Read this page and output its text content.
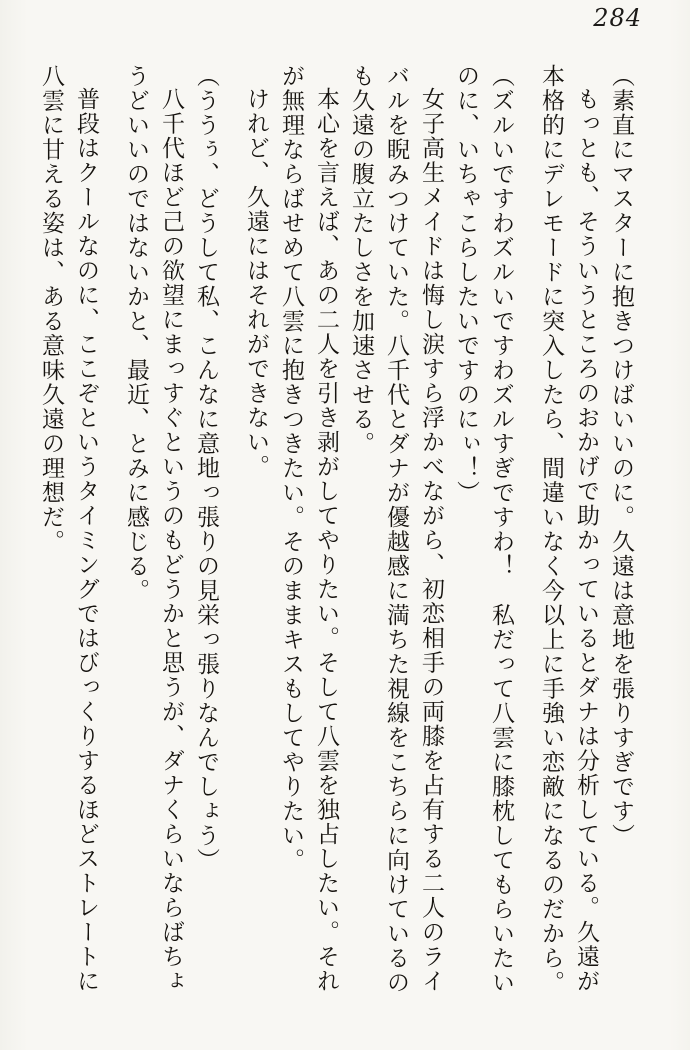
284

（素直にマスターに抱きつけばいいのに。久遠は意地を張りすぎです）

もっとも、そういうところのおかげで助かっているとダナは分析している。久遠が本格的にデレモードに突入したら、間違いなく今以上に手強い恋敵になるのだから。

（ズルいですわズルいですわズルすぎですわ！　私だって八雲に膝枕してもらいたいのに、いちゃこらしたいですのにぃ！）

女子高生メイドは悔し涙すら浮かべながら、初恋相手の両膝を占有する二人のライバルを睨みつけていた。八千代とダナが優越感に満ちた視線をこちらに向けているのも久遠の腹立たしさを加速させる。

本心を言えば、あの二人を引き剥がしてやりたい。そして八雲を独占したい。それが無理ならばせめて八雲に抱きつきたい。そのままキスもしてやりたい。

けれど、久遠にはそれができない。

（ううぅ、どうして私、こんなに意地っ張りの見栄っ張りなんでしょう）

八千代ほど己の欲望にまっすぐというのもどうかと思うが、ダナくらいならばちょうどいいのではないかと、最近、とみに感じる。

普段はクールなのに、ここぞというタイミングではびっくりするほどストレートに八雲に甘える姿は、ある意味久遠の理想だ。
